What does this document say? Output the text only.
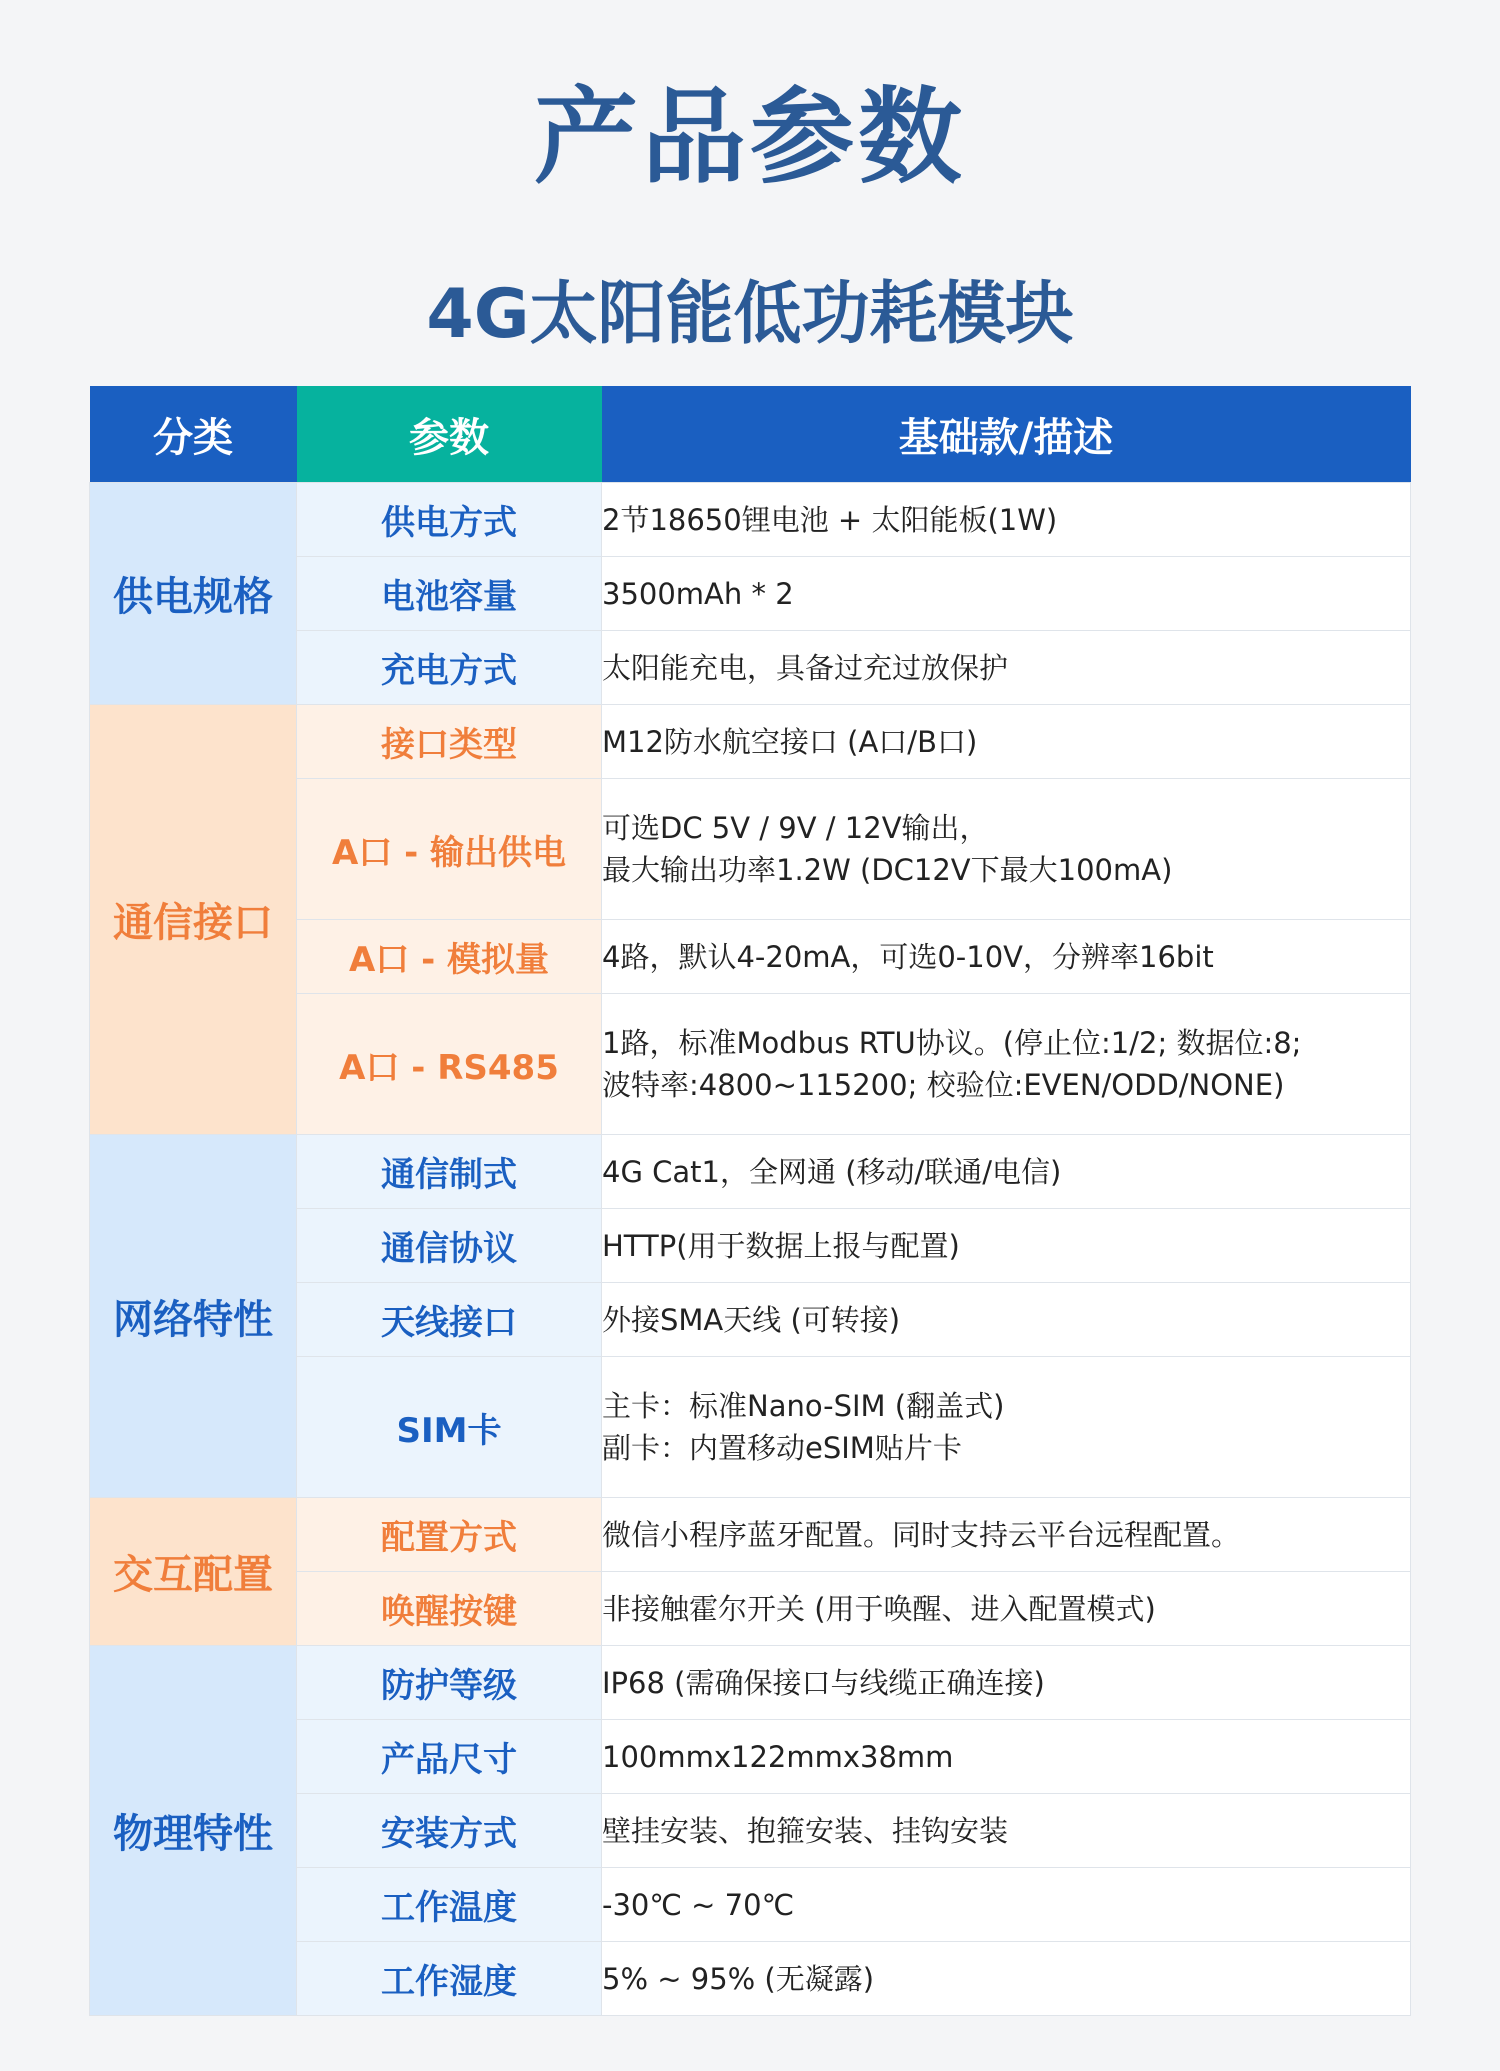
产品参数
4G太阳能低功耗模块
分类	参数	基础款/描述
供电规格	供电方式	2节18650锂电池 + 太阳能板(1W)

	电池容量	3500mAh * 2

	充电方式	太阳能充电，具备过充过放保护

通信接口	接口类型	M12防水航空接口 (A口/B口)

	A口 - 输出供电	可选DC 5V / 9V / 12V输出，
最大输出功率1.2W (DC12V下最大100mA)

	A口 - 模拟量	4路，默认4-20mA，可选0-10V，分辨率16bit

	A口 - RS485	1路，标准Modbus RTU协议。(停止位:1/2; 数据位:8;
波特率:4800~115200; 校验位:EVEN/ODD/NONE)

网络特性	通信制式	4G Cat1，全网通 (移动/联通/电信)

	通信协议	HTTP(用于数据上报与配置)

	天线接口	外接SMA天线 (可转接)

	SIM卡	主卡：标准Nano-SIM (翻盖式)
副卡：内置移动eSIM贴片卡

交互配置	配置方式	微信小程序蓝牙配置。同时支持云平台远程配置。

	唤醒按键	非接触霍尔开关 (用于唤醒、进入配置模式)

物理特性	防护等级	IP68 (需确保接口与线缆正确连接)

	产品尺寸	100mmx122mmx38mm

	安装方式	壁挂安装、抱箍安装、挂钩安装

	工作温度	-30℃ ~ 70℃

	工作湿度	5% ~ 95% (无凝露)
